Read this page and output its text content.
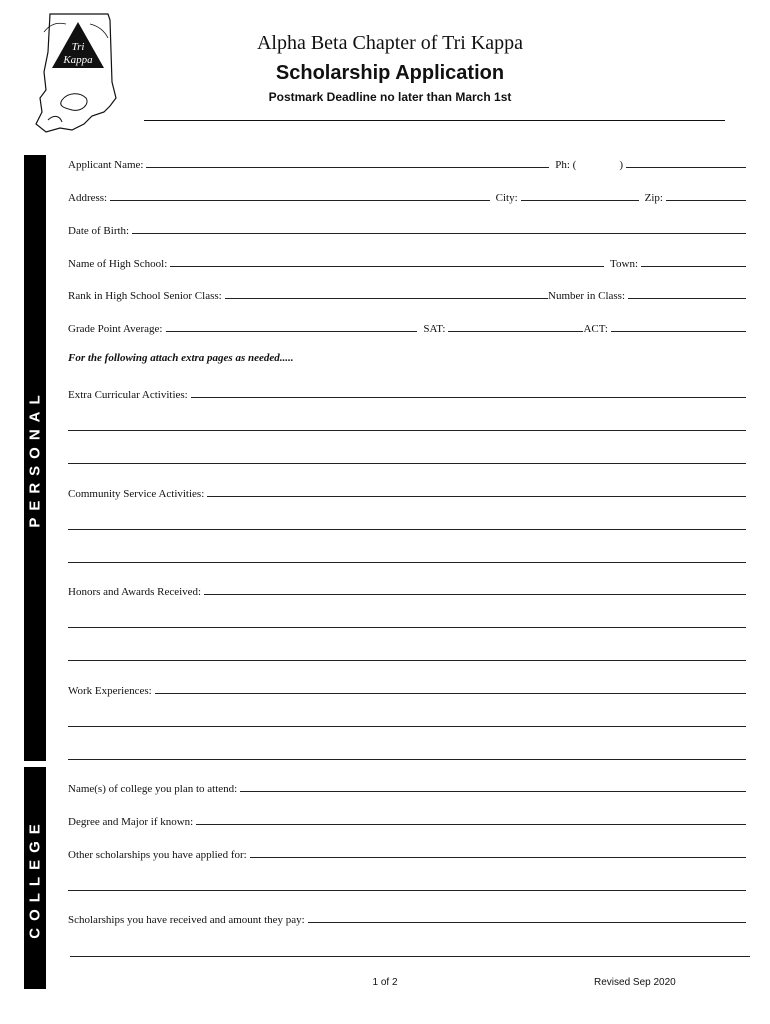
Tri
Kappa
Alpha Beta Chapter of Tri Kappa
Scholarship Application
Postmark Deadline no later than March 1st
PERSONAL
COLLEGE
Applicant Name:	Ph: (	)
Address:	City:	Zip:
Date of Birth:
Name of High School:	Town:
Rank in High School Senior Class:	Number in Class:
Grade Point Average:	SAT:	ACT:
For the following attach extra pages as needed.....
Extra Curricular Activities:
Community Service Activities:
Honors and Awards Received:
Work Experiences:
Name(s) of college you plan to attend:
Degree and Major if known:
Other scholarships you have applied for:
Scholarships you have received and amount they pay:
1 of 2	Revised Sep 2020
